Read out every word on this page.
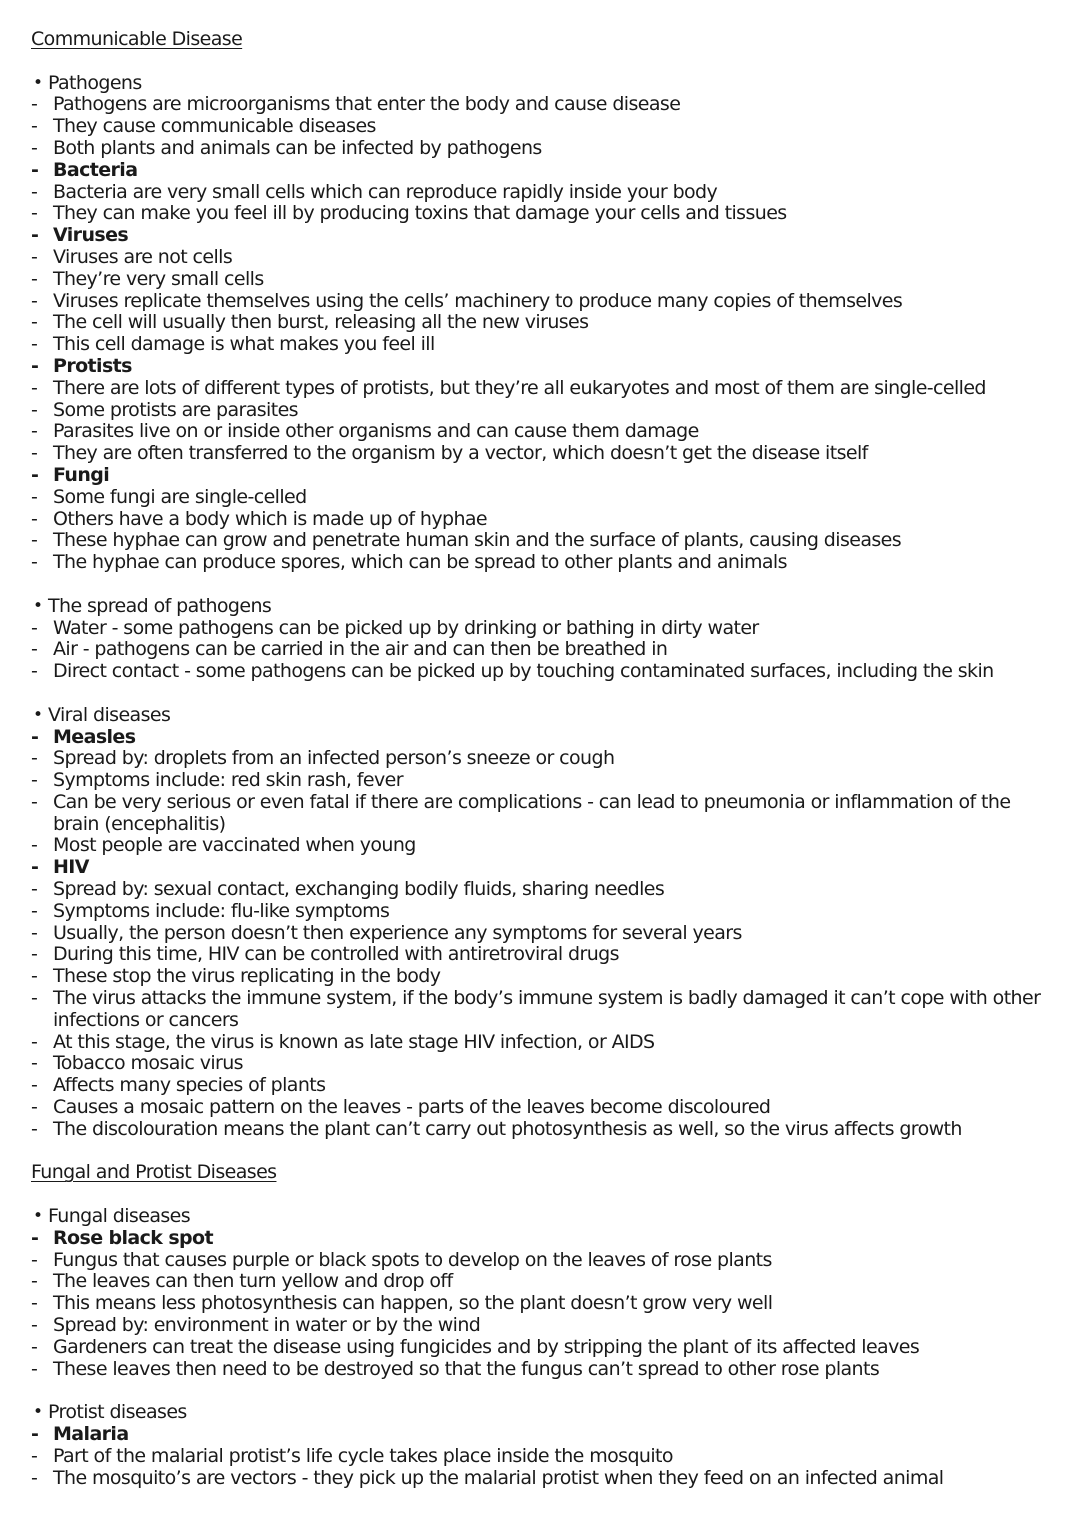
Communicable Disease
• Pathogens
- Pathogens are microorganisms that enter the body and cause disease
- They cause communicable diseases
- Both plants and animals can be infected by pathogens
- Bacteria
- Bacteria are very small cells which can reproduce rapidly inside your body
- They can make you feel ill by producing toxins that damage your cells and tissues
- Viruses
- Viruses are not cells
- They’re very small cells
- Viruses replicate themselves using the cells’ machinery to produce many copies of themselves
- The cell will usually then burst, releasing all the new viruses
- This cell damage is what makes you feel ill
- Protists
- There are lots of different types of protists, but they’re all eukaryotes and most of them are single-celled
- Some protists are parasites
- Parasites live on or inside other organisms and can cause them damage
- They are often transferred to the organism by a vector, which doesn’t get the disease itself
- Fungi
- Some fungi are single-celled
- Others have a body which is made up of hyphae
- These hyphae can grow and penetrate human skin and the surface of plants, causing diseases
- The hyphae can produce spores, which can be spread to other plants and animals
• The spread of pathogens
- Water - some pathogens can be picked up by drinking or bathing in dirty water
- Air - pathogens can be carried in the air and can then be breathed in
- Direct contact - some pathogens can be picked up by touching contaminated surfaces, including the skin
• Viral diseases
- Measles
- Spread by: droplets from an infected person’s sneeze or cough
- Symptoms include: red skin rash, fever
- Can be very serious or even fatal if there are complications - can lead to pneumonia or inflammation of the brain (encephalitis)
- Most people are vaccinated when young
- HIV
- Spread by: sexual contact, exchanging bodily fluids, sharing needles
- Symptoms include: flu-like symptoms
- Usually, the person doesn’t then experience any symptoms for several years
- During this time, HIV can be controlled with antiretroviral drugs
- These stop the virus replicating in the body
- The virus attacks the immune system, if the body’s immune system is badly damaged it can’t cope with other infections or cancers
- At this stage, the virus is known as late stage HIV infection, or AIDS
- Tobacco mosaic virus
- Affects many species of plants
- Causes a mosaic pattern on the leaves - parts of the leaves become discoloured
- The discolouration means the plant can’t carry out photosynthesis as well, so the virus affects growth
Fungal and Protist Diseases
• Fungal diseases
- Rose black spot
- Fungus that causes purple or black spots to develop on the leaves of rose plants
- The leaves can then turn yellow and drop off
- This means less photosynthesis can happen, so the plant doesn’t grow very well
- Spread by: environment in water or by the wind
- Gardeners can treat the disease using fungicides and by stripping the plant of its affected leaves
- These leaves then need to be destroyed so that the fungus can’t spread to other rose plants
• Protist diseases
- Malaria
- Part of the malarial protist’s life cycle takes place inside the mosquito
- The mosquito’s are vectors - they pick up the malarial protist when they feed on an infected animal
